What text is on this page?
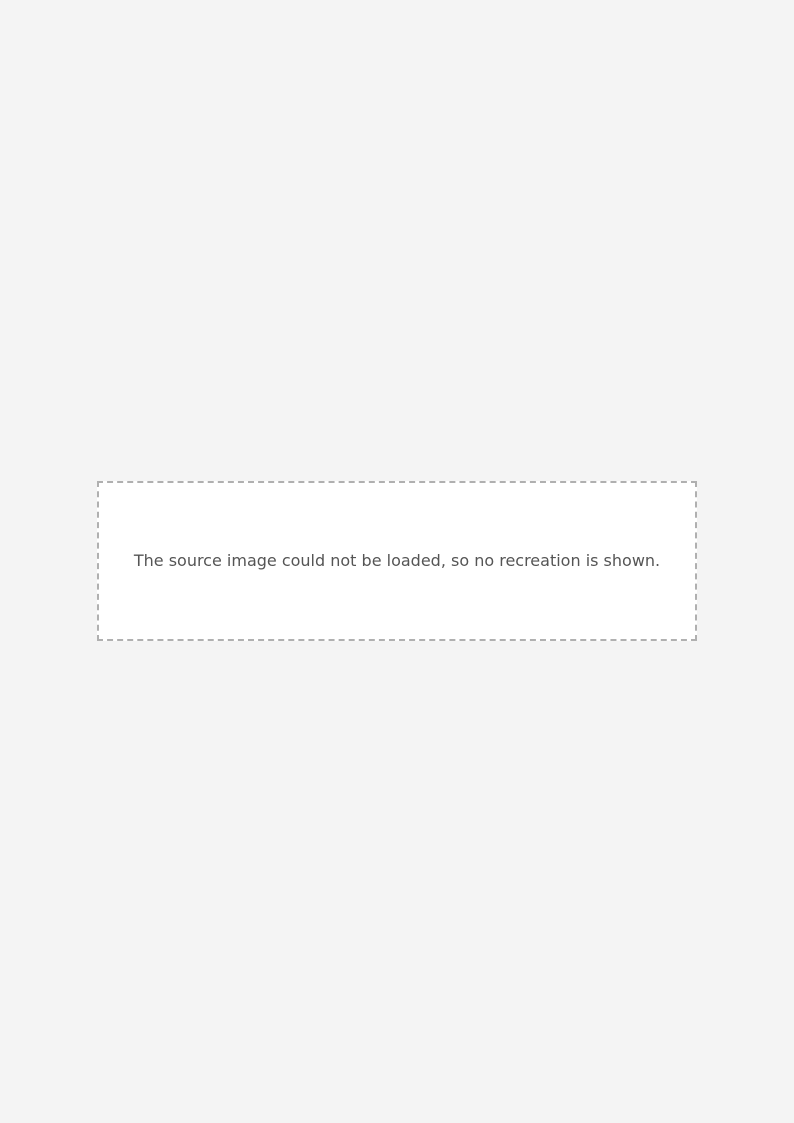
The source image could not be loaded, so no recreation is shown.
